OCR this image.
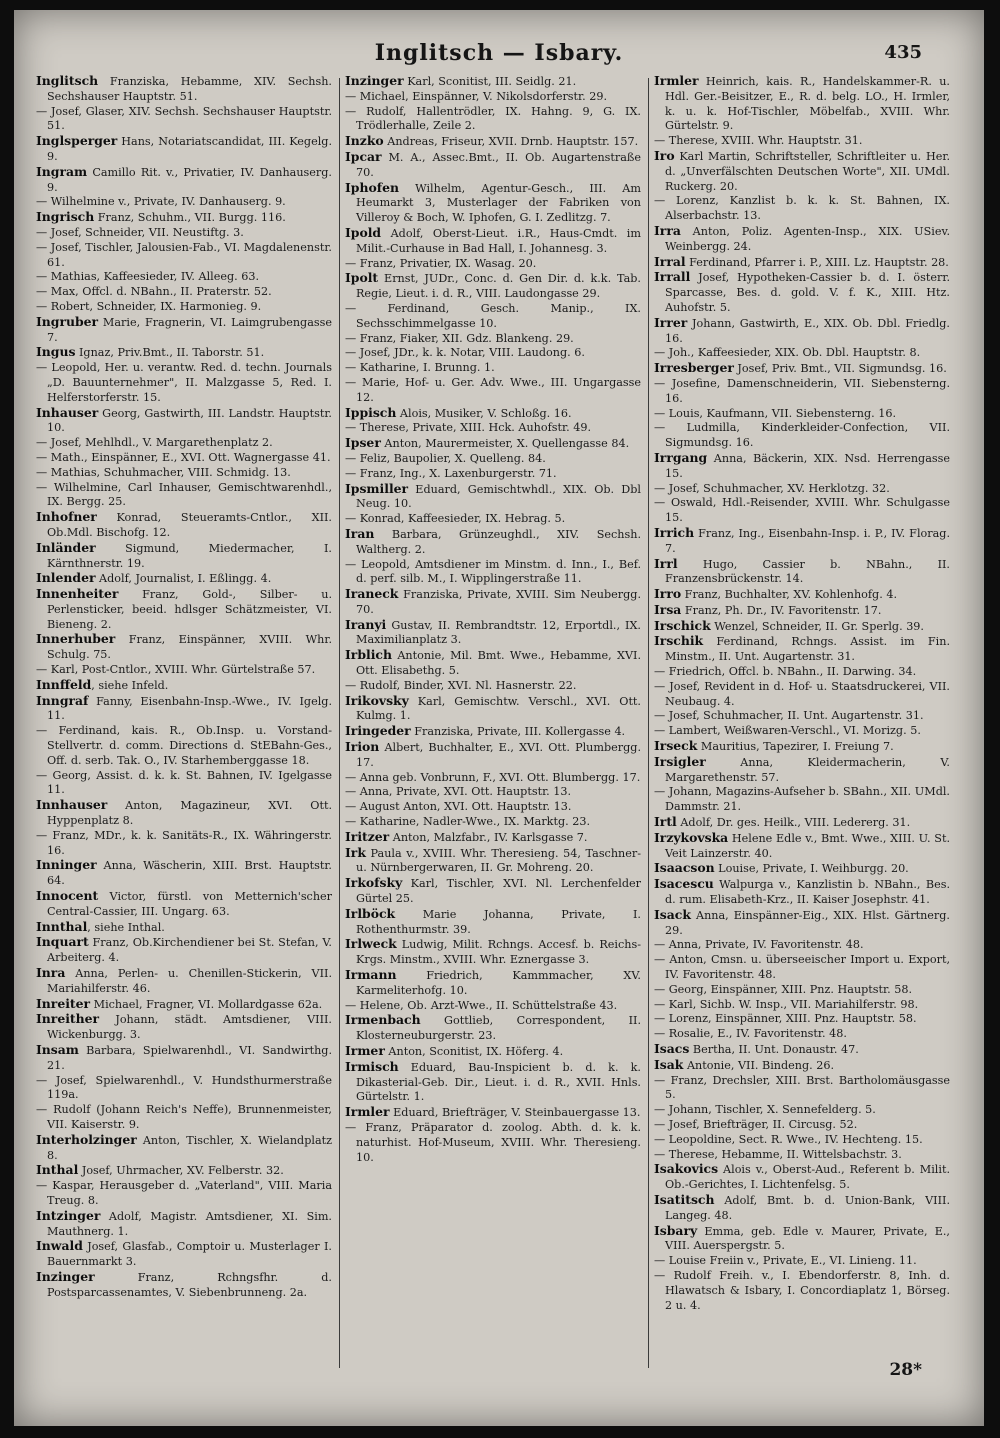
Inglitsch — Isbary.	435
Inglitsch Franziska, Hebamme, XIV. Sechsh. Sechshauser Hauptstr. 51.
— Josef, Glaser, XIV. Sechsh. Sechshauser Hauptstr. 51.
Inglsperger Hans, Notariatscandidat, III. Kegelg. 9.
Ingram Camillo Rit. v., Privatier, IV. Danhauserg. 9.
— Wilhelmine v., Private, IV. Danhauserg. 9.
Ingrisch Franz, Schuhm., VII. Burgg. 116.
— Josef, Schneider, VII. Neustiftg. 3.
— Josef, Tischler, Jalousien-Fab., VI. Magdalenenstr. 61.
— Mathias, Kaffeesieder, IV. Alleeg. 63.
— Max, Offcl. d. NBahn., II. Praterstr. 52.
— Robert, Schneider, IX. Harmonieg. 9.
Ingruber Marie, Fragnerin, VI. Laimgrubengasse 7.
Ingus Ignaz, Priv.Bmt., II. Taborstr. 51.
— Leopold, Her. u. verantw. Red. d. techn. Journals „D. Bauunternehmer", II. Malzgasse 5, Red. I. Helferstorferstr. 15.
Inhauser Georg, Gastwirth, III. Landstr. Hauptstr. 10.
— Josef, Mehlhdl., V. Margarethenplatz 2.
— Math., Einspänner, E., XVI. Ott. Wagnergasse 41.
— Mathias, Schuhmacher, VIII. Schmidg. 13.
— Wilhelmine, Carl Inhauser, Gemischtwarenhdl., IX. Bergg. 25.
Inhofner Konrad, Steueramts-Cntlor., XII. Ob.Mdl. Bischofg. 12.
Inländer Sigmund, Miedermacher, I. Kärnthnerstr. 19.
Inlender Adolf, Journalist, I. Eßlingg. 4.
Innenheiter Franz, Gold-, Silber- u. Perlensticker, beeid. hdlsger Schätzmeister, VI. Bieneng. 2.
Innerhuber Franz, Einspänner, XVIII. Whr. Schulg. 75.
— Karl, Post-Cntlor., XVIII. Whr. Gürtelstraße 57.
Innffeld, siehe Infeld.
Inngraf Fanny, Eisenbahn-Insp.-Wwe., IV. Igelg. 11.
— Ferdinand, kais. R., Ob.Insp. u. Vorstand-Stellvertr. d. comm. Directions d. StEBahn-Ges., Off. d. serb. Tak. O., IV. Starhemberggasse 18.
— Georg, Assist. d. k. k. St. Bahnen, IV. Igelgasse 11.
Innhauser Anton, Magazineur, XVI. Ott. Hyppenplatz 8.
— Franz, MDr., k. k. Sanitäts-R., IX. Währingerstr. 16.
Inninger Anna, Wäscherin, XIII. Brst. Hauptstr. 64.
Innocent Victor, fürstl. von Metternich'scher Central-Cassier, III. Ungarg. 63.
Innthal, siehe Inthal.
Inquart Franz, Ob.Kirchendiener bei St. Stefan, V. Arbeiterg. 4.
Inra Anna, Perlen- u. Chenillen-Stickerin, VII. Mariahilferstr. 46.
Inreiter Michael, Fragner, VI. Mollardgasse 62a.
Inreither Johann, städt. Amtsdiener, VIII. Wickenburgg. 3.
Insam Barbara, Spielwarenhdl., VI. Sandwirthg. 21.
— Josef, Spielwarenhdl., V. Hundsthurmerstraße 119a.
— Rudolf (Johann Reich's Neffe), Brunnenmeister, VII. Kaiserstr. 9.
Interholzinger Anton, Tischler, X. Wielandplatz 8.
Inthal Josef, Uhrmacher, XV. Felberstr. 32.
— Kaspar, Herausgeber d. „Vaterland", VIII. Maria Treug. 8.
Intzinger Adolf, Magistr. Amtsdiener, XI. Sim. Mauthnerg. 1.
Inwald Josef, Glasfab., Comptoir u. Musterlager I. Bauernmarkt 3.
Inzinger Franz, Rchngsfhr. d. Postsparcassenamtes, V. Siebenbrunneng. 2a.
Inzinger Karl, Sconitist, III. Seidlg. 21.
— Michael, Einspänner, V. Nikolsdorferstr. 29.
— Rudolf, Hallentrödler, IX. Hahng. 9, G. IX. Trödlerhalle, Zeile 2.
Inzko Andreas, Friseur, XVII. Drnb. Hauptstr. 157.
Ipcar M. A., Assec.Bmt., II. Ob. Augartenstraße 70.
Iphofen Wilhelm, Agentur-Gesch., III. Am Heumarkt 3, Musterlager der Fabriken von Villeroy & Boch, W. Iphofen, G. I. Zedlitzg. 7.
Ipold Adolf, Oberst-Lieut. i.R., Haus-Cmdt. im Milit.-Curhause in Bad Hall, I. Johannesg. 3.
— Franz, Privatier, IX. Wasag. 20.
Ipolt Ernst, JUDr., Conc. d. Gen Dir. d. k.k. Tab. Regie, Lieut. i. d. R., VIII. Laudongasse 29.
— Ferdinand, Gesch. Manip., IX. Sechsschimmelgasse 10.
— Franz, Fiaker, XII. Gdz. Blankeng. 29.
— Josef, JDr., k. k. Notar, VIII. Laudong. 6.
— Katharine, I. Brunng. 1.
— Marie, Hof- u. Ger. Adv. Wwe., III. Ungargasse 12.
Ippisch Alois, Musiker, V. Schloßg. 16.
— Therese, Private, XIII. Hck. Auhofstr. 49.
Ipser Anton, Maurermeister, X. Quellengasse 84.
— Feliz, Baupolier, X. Quelleng. 84.
— Franz, Ing., X. Laxenburgerstr. 71.
Ipsmiller Eduard, Gemischtwhdl., XIX. Ob. Dbl Neug. 10.
— Konrad, Kaffeesieder, IX. Hebrag. 5.
Iran Barbara, Grünzeughdl., XIV. Sechsh. Waltherg. 2.
— Leopold, Amtsdiener im Minstm. d. Inn., I., Bef. d. perf. silb. M., I. Wipplingerstraße 11.
Iraneck Franziska, Private, XVIII. Sim Neubergg. 70.
Iranyi Gustav, II. Rembrandtstr. 12, Erportdl., IX. Maximilianplatz 3.
Irblich Antonie, Mil. Bmt. Wwe., Hebamme, XVI. Ott. Elisabethg. 5.
— Rudolf, Binder, XVI. Nl. Hasnerstr. 22.
Irikovsky Karl, Gemischtw. Verschl., XVI. Ott. Kulmg. 1.
Iringeder Franziska, Private, III. Kollergasse 4.
Irion Albert, Buchhalter, E., XVI. Ott. Plumbergg. 17.
— Anna geb. Vonbrunn, F., XVI. Ott. Blumbergg. 17.
— Anna, Private, XVI. Ott. Hauptstr. 13.
— August Anton, XVI. Ott. Hauptstr. 13.
— Katharine, Nadler-Wwe., IX. Marktg. 23.
Iritzer Anton, Malzfabr., IV. Karlsgasse 7.
Irk Paula v., XVIII. Whr. Theresieng. 54, Taschner- u. Nürnbergerwaren, II. Gr. Mohreng. 20.
Irkofsky Karl, Tischler, XVI. Nl. Lerchenfelder Gürtel 25.
Irlböck Marie Johanna, Private, I. Rothenthurmstr. 39.
Irlweck Ludwig, Milit. Rchngs. Accesf. b. Reichs-Krgs. Minstm., XVIII. Whr. Eznergasse 3.
Irmann Friedrich, Kammmacher, XV. Karmeliterhofg. 10.
— Helene, Ob. Arzt-Wwe., II. Schüttelstraße 43.
Irmenbach Gottlieb, Correspondent, II. Klosterneuburgerstr. 23.
Irmer Anton, Sconitist, IX. Höferg. 4.
Irmisch Eduard, Bau-Inspicient b. d. k. k. Dikasterial-Geb. Dir., Lieut. i. d. R., XVII. Hnls. Gürtelstr. 1.
Irmler Eduard, Briefträger, V. Steinbauergasse 13.
— Franz, Präparator d. zoolog. Abth. d. k. k. naturhist. Hof-Museum, XVIII. Whr. Theresieng. 10.
Irmler Heinrich, kais. R., Handelskammer-R. u. Hdl. Ger.-Beisitzer, E., R. d. belg. LO., H. Irmler, k. u. k. Hof-Tischler, Möbelfab., XVIII. Whr. Gürtelstr. 9.
— Therese, XVIII. Whr. Hauptstr. 31.
Iro Karl Martin, Schriftsteller, Schriftleiter u. Her. d. „Unverfälschten Deutschen Worte", XII. UMdl. Ruckerg. 20.
— Lorenz, Kanzlist b. k. k. St. Bahnen, IX. Alserbachstr. 13.
Irra Anton, Poliz. Agenten-Insp., XIX. USiev. Weinbergg. 24.
Irral Ferdinand, Pfarrer i. P., XIII. Lz. Hauptstr. 28.
Irrall Josef, Hypotheken-Cassier b. d. I. österr. Sparcasse, Bes. d. gold. V. f. K., XIII. Htz. Auhofstr. 5.
Irrer Johann, Gastwirth, E., XIX. Ob. Dbl. Friedlg. 16.
— Joh., Kaffeesieder, XIX. Ob. Dbl. Hauptstr. 8.
Irresberger Josef, Priv. Bmt., VII. Sigmundsg. 16.
— Josefine, Damenschneiderin, VII. Siebensterng. 16.
— Louis, Kaufmann, VII. Siebensterng. 16.
— Ludmilla, Kinderkleider-Confection, VII. Sigmundsg. 16.
Irrgang Anna, Bäckerin, XIX. Nsd. Herrengasse 15.
— Josef, Schuhmacher, XV. Herklotzg. 32.
— Oswald, Hdl.-Reisender, XVIII. Whr. Schulgasse 15.
Irrich Franz, Ing., Eisenbahn-Insp. i. P., IV. Florag. 7.
Irrl Hugo, Cassier b. NBahn., II. Franzensbrückenstr. 14.
Irro Franz, Buchhalter, XV. Kohlenhofg. 4.
Irsa Franz, Ph. Dr., IV. Favoritenstr. 17.
Irschick Wenzel, Schneider, II. Gr. Sperlg. 39.
Irschik Ferdinand, Rchngs. Assist. im Fin. Minstm., II. Unt. Augartenstr. 31.
— Friedrich, Offcl. b. NBahn., II. Darwing. 34.
— Josef, Revident in d. Hof- u. Staatsdruckerei, VII. Neubaug. 4.
— Josef, Schuhmacher, II. Unt. Augartenstr. 31.
— Lambert, Weißwaren-Verschl., VI. Morizg. 5.
Irseck Mauritius, Tapezirer, I. Freiung 7.
Irsigler Anna, Kleidermacherin, V. Margarethenstr. 57.
— Johann, Magazins-Aufseher b. SBahn., XII. UMdl. Dammstr. 21.
Irtl Adolf, Dr. ges. Heilk., VIII. Ledererg. 31.
Irzykovska Helene Edle v., Bmt. Wwe., XIII. U. St. Veit Lainzerstr. 40.
Isaacson Louise, Private, I. Weihburgg. 20.
Isacescu Walpurga v., Kanzlistin b. NBahn., Bes. d. rum. Elisabeth-Krz., II. Kaiser Josephstr. 41.
Isack Anna, Einspänner-Eig., XIX. Hlst. Gärtnerg. 29.
— Anna, Private, IV. Favoritenstr. 48.
— Anton, Cmsn. u. überseeischer Import u. Export, IV. Favoritenstr. 48.
— Georg, Einspänner, XIII. Pnz. Hauptstr. 58.
— Karl, Sichb. W. Insp., VII. Mariahilferstr. 98.
— Lorenz, Einspänner, XIII. Pnz. Hauptstr. 58.
— Rosalie, E., IV. Favoritenstr. 48.
Isacs Bertha, II. Unt. Donaustr. 47.
Isak Antonie, VII. Bindeng. 26.
— Franz, Drechsler, XIII. Brst. Bartholomäusgasse 5.
— Johann, Tischler, X. Sennefelderg. 5.
— Josef, Briefträger, II. Circusg. 52.
— Leopoldine, Sect. R. Wwe., IV. Hechteng. 15.
— Therese, Hebamme, II. Wittelsbachstr. 3.
Isakovics Alois v., Oberst-Aud., Referent b. Milit. Ob.-Gerichtes, I. Lichtenfelsg. 5.
Isatitsch Adolf, Bmt. b. d. Union-Bank, VIII. Langeg. 48.
Isbary Emma, geb. Edle v. Maurer, Private, E., VIII. Auerspergstr. 5.
— Louise Freiin v., Private, E., VI. Linieng. 11.
— Rudolf Freih. v., I. Ebendorferstr. 8, Inh. d. Hlawatsch & Isbary, I. Concordiaplatz 1, Börseg. 2 u. 4.
28*
